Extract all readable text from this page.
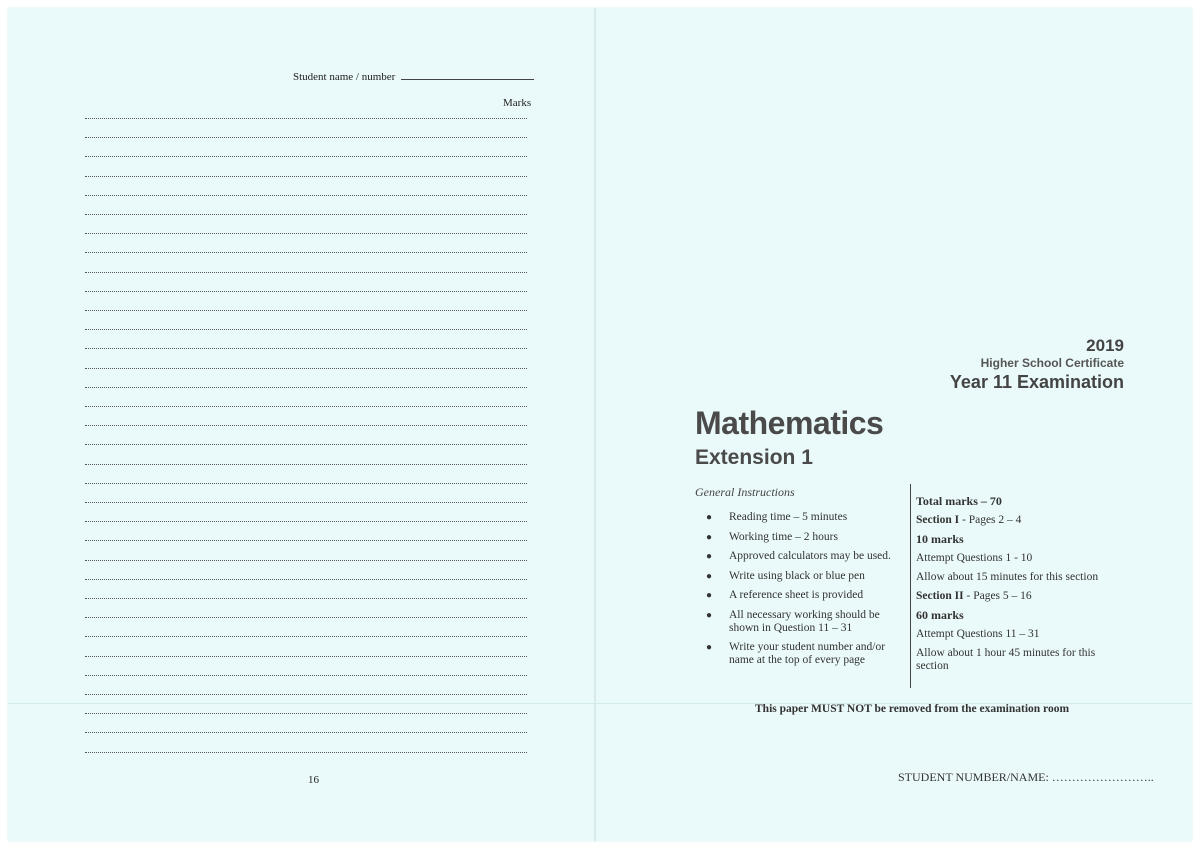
Student name / number
Marks
16
2019
Higher School Certificate
Year 11 Examination
Mathematics
Extension 1
General Instructions
● Reading time – 5 minutes
● Working time – 2 hours
● Approved calculators may be used.
● Write using black or blue pen
● A reference sheet is provided
● All necessary working should be shown in Question 11 – 31
● Write your student number and/or name at the top of every page
Total marks – 70
Section I - Pages 2 – 4
10 marks
Attempt Questions 1 - 10
Allow about 15 minutes for this section
Section II - Pages 5 – 16
60 marks
Attempt Questions 11 – 31
Allow about 1 hour 45 minutes for this section
This paper MUST NOT be removed from the examination room
STUDENT NUMBER/NAME: ……………………..
